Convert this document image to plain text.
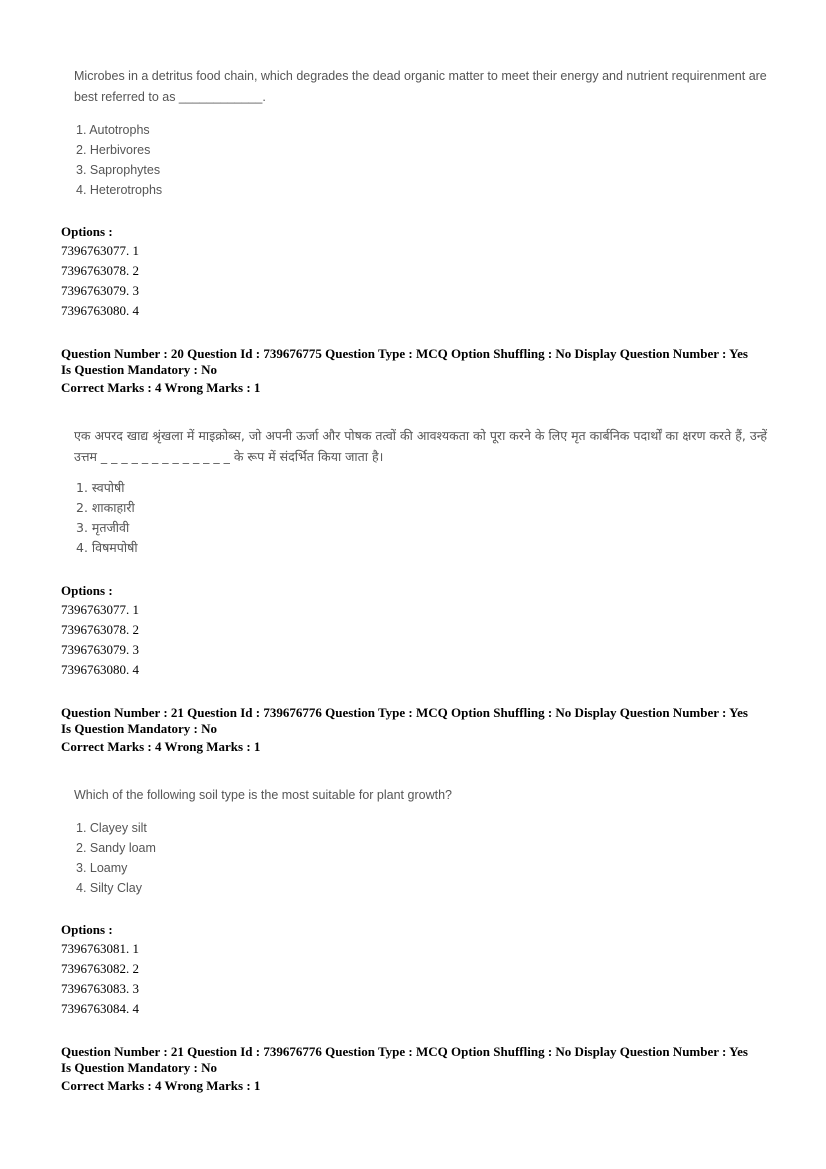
Microbes in a detritus food chain, which degrades the dead organic matter to meet their energy and nutrient requirenment are best referred to as ____________.
1. Autotrophs
2. Herbivores
3. Saprophytes
4. Heterotrophs
Options :
7396763077. 1
7396763078. 2
7396763079. 3
7396763080. 4
Question Number : 20 Question Id : 739676775 Question Type : MCQ Option Shuffling : No Display Question Number : Yes
Is Question Mandatory : No
Correct Marks : 4 Wrong Marks : 1
एक अपरद खाद्य श्रृंखला में माइक्रोब्स, जो अपनी ऊर्जा और पोषक तत्वों की आवश्यकता को पूरा करने के लिए मृत कार्बनिक पदार्थों का क्षरण करते हैं, उन्हें उत्तम _ _ _ _ _ _ _ _ _ _ _ _ _ के रूप में संदर्भित किया जाता है।
1. स्वपोषी
2. शाकाहारी
3. मृतजीवी
4. विषमपोषी
Options :
7396763077. 1
7396763078. 2
7396763079. 3
7396763080. 4
Question Number : 21 Question Id : 739676776 Question Type : MCQ Option Shuffling : No Display Question Number : Yes
Is Question Mandatory : No
Correct Marks : 4 Wrong Marks : 1
Which of the following soil type is the most suitable for plant growth?
1. Clayey silt
2. Sandy loam
3. Loamy
4. Silty Clay
Options :
7396763081. 1
7396763082. 2
7396763083. 3
7396763084. 4
Question Number : 21 Question Id : 739676776 Question Type : MCQ Option Shuffling : No Display Question Number : Yes
Is Question Mandatory : No
Correct Marks : 4 Wrong Marks : 1
